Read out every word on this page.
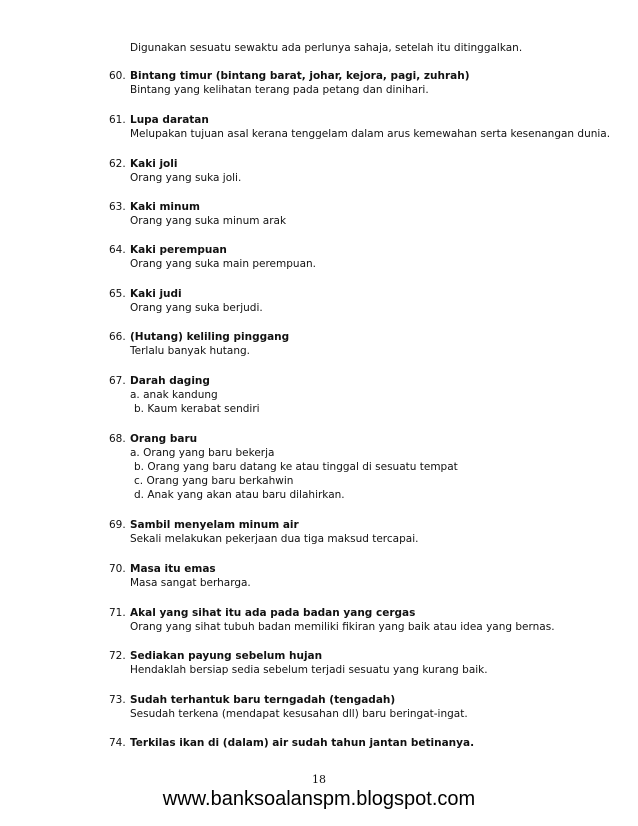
Digunakan sesuatu sewaktu ada perlunya sahaja, setelah itu ditinggalkan.
60. Bintang timur (bintang barat, johar, kejora, pagi, zuhrah)
Bintang yang kelihatan terang pada petang dan dinihari.
61. Lupa daratan
Melupakan tujuan asal kerana tenggelam dalam arus kemewahan serta kesenangan dunia.
62. Kaki joli
Orang yang suka joli.
63. Kaki minum
Orang yang suka minum arak
64. Kaki perempuan
Orang yang suka main perempuan.
65. Kaki judi
Orang yang suka berjudi.
66. (Hutang) keliling pinggang
Terlalu banyak hutang.
67. Darah daging
a. anak kandung
b. Kaum kerabat sendiri
68. Orang baru
a. Orang yang baru bekerja
b. Orang yang baru datang ke atau tinggal di sesuatu tempat
c. Orang yang baru berkahwin
d. Anak yang akan atau baru dilahirkan.
69. Sambil menyelam minum air
Sekali melakukan pekerjaan dua tiga maksud tercapai.
70. Masa itu emas
Masa sangat berharga.
71. Akal yang sihat itu ada pada badan yang cergas
Orang yang sihat tubuh badan memiliki fikiran yang baik atau idea yang bernas.
72. Sediakan payung sebelum hujan
Hendaklah bersiap sedia sebelum terjadi sesuatu yang kurang baik.
73. Sudah terhantuk baru terngadah (tengadah)
Sesudah terkena (mendapat kesusahan dll) baru beringat-ingat.
74. Terkilas ikan di (dalam) air sudah tahun jantan betinanya.
18
www.banksoalanspm.blogspot.com
